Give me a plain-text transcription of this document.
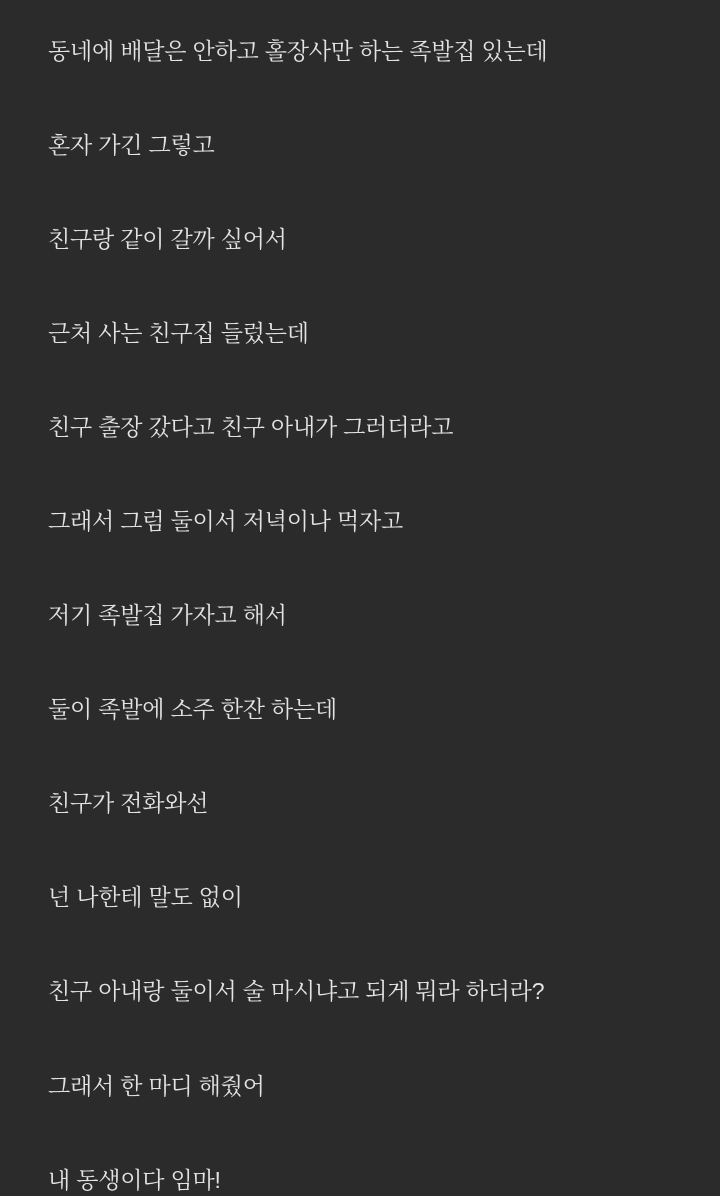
동네에 배달은 안하고 홀장사만 하는 족발집 있는데

혼자 가긴 그렇고

친구랑 같이 갈까 싶어서

근처 사는 친구집 들렀는데

친구 출장 갔다고 친구 아내가 그러더라고

그래서 그럼 둘이서 저녁이나 먹자고

저기 족발집 가자고 해서

둘이 족발에 소주 한잔 하는데

친구가 전화와선

넌 나한테 말도 없이

친구 아내랑 둘이서 술 마시냐고 되게 뭐라 하더라?

그래서 한 마디 해줬어

내 동생이다 임마!
